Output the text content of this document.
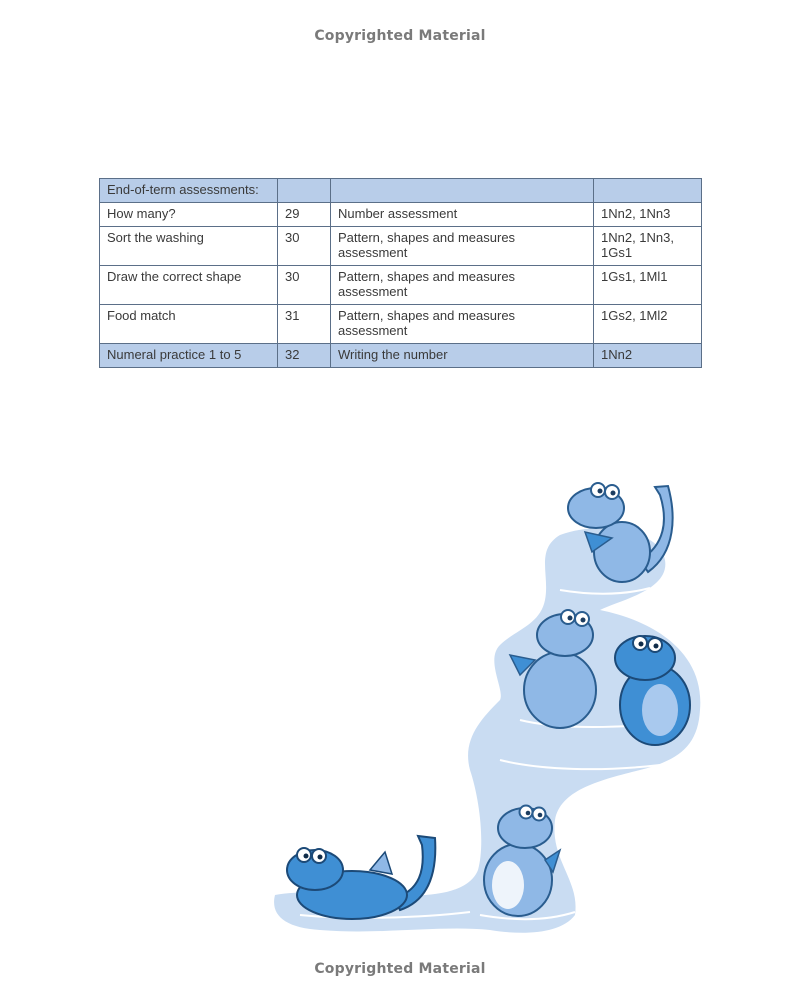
Copyrighted Material
End-of-term assessments:			
How many?	29	Number assessment	1Nn2, 1Nn3
Sort the washing	30	Pattern, shapes and measures assessment	1Nn2, 1Nn3, 1Gs1
Draw the correct shape	30	Pattern, shapes and measures assessment	1Gs1, 1Ml1
Food match	31	Pattern, shapes and measures assessment	1Gs2, 1Ml2
Numeral practice 1 to 5	32	Writing the number	1Nn2
Copyrighted Material
